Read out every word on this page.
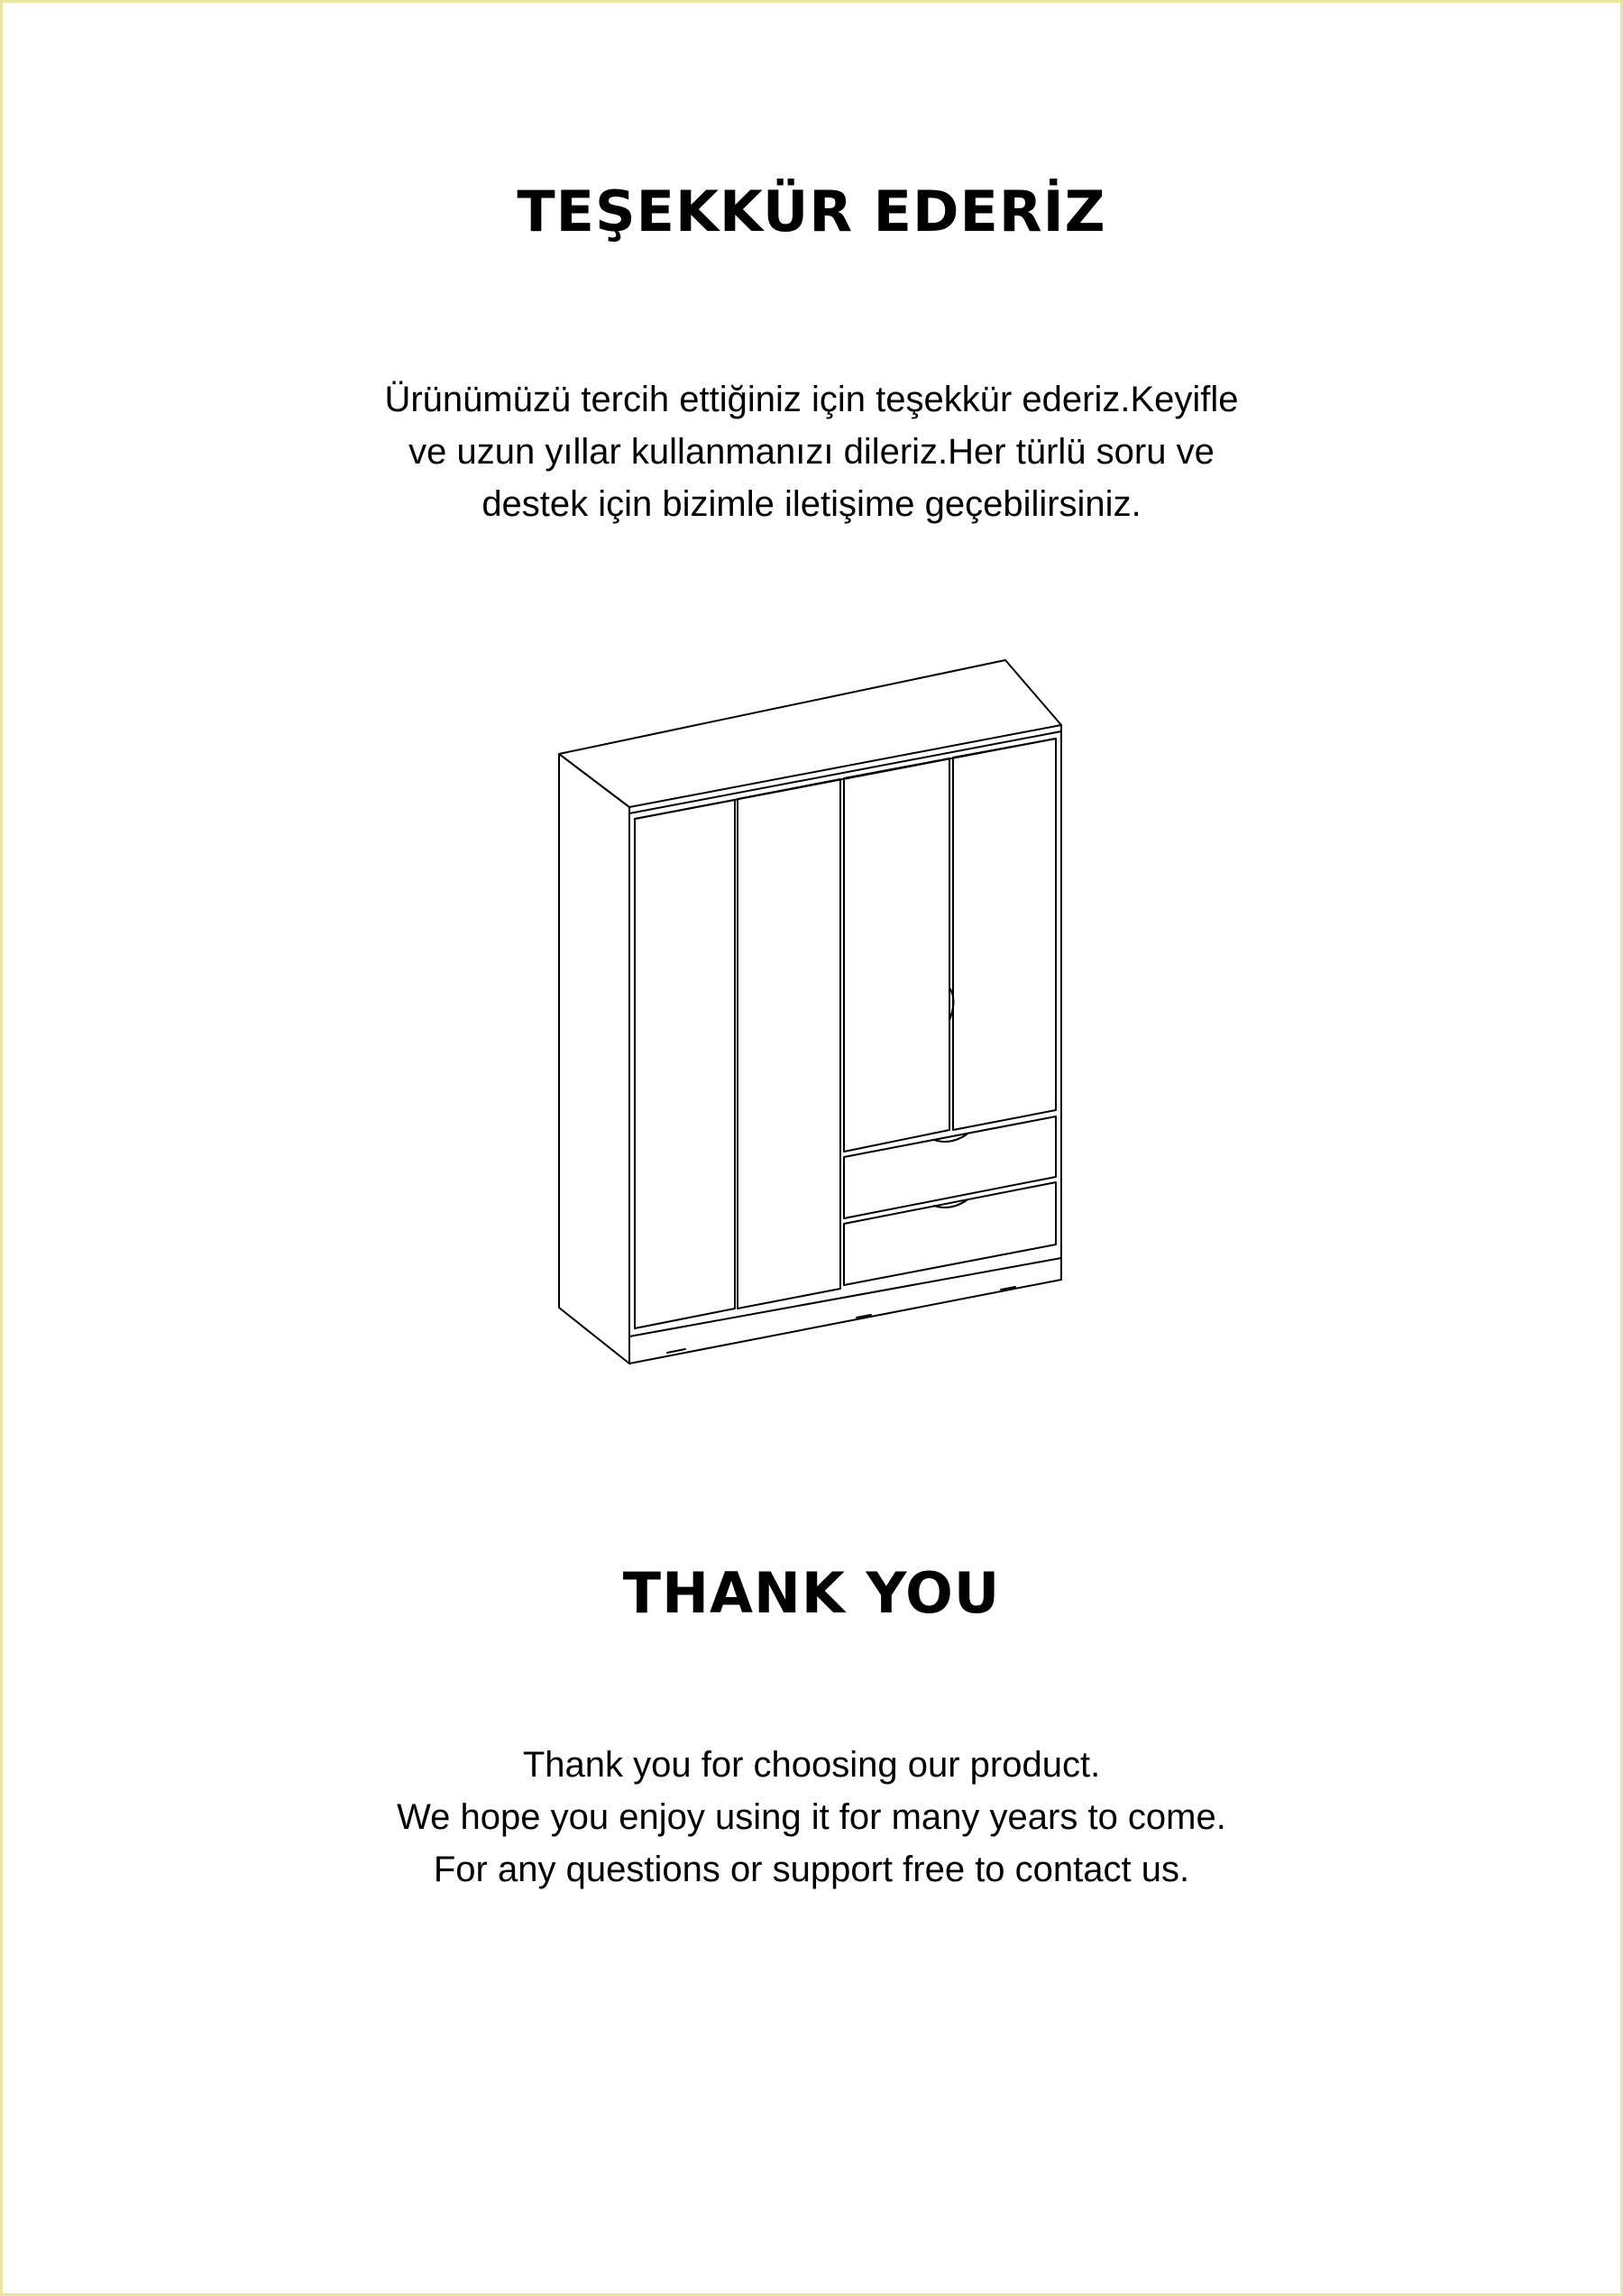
TEŞEKKÜR EDERİZ

Ürünümüzü tercih ettiğiniz için teşekkür ederiz.Keyifle
ve uzun yıllar kullanmanızı dileriz.Her türlü soru ve
destek için bizimle iletişime geçebilirsiniz.

THANK YOU

Thank you for choosing our product.
We hope you enjoy using it for many years to come.
For any questions or support free to contact us.
